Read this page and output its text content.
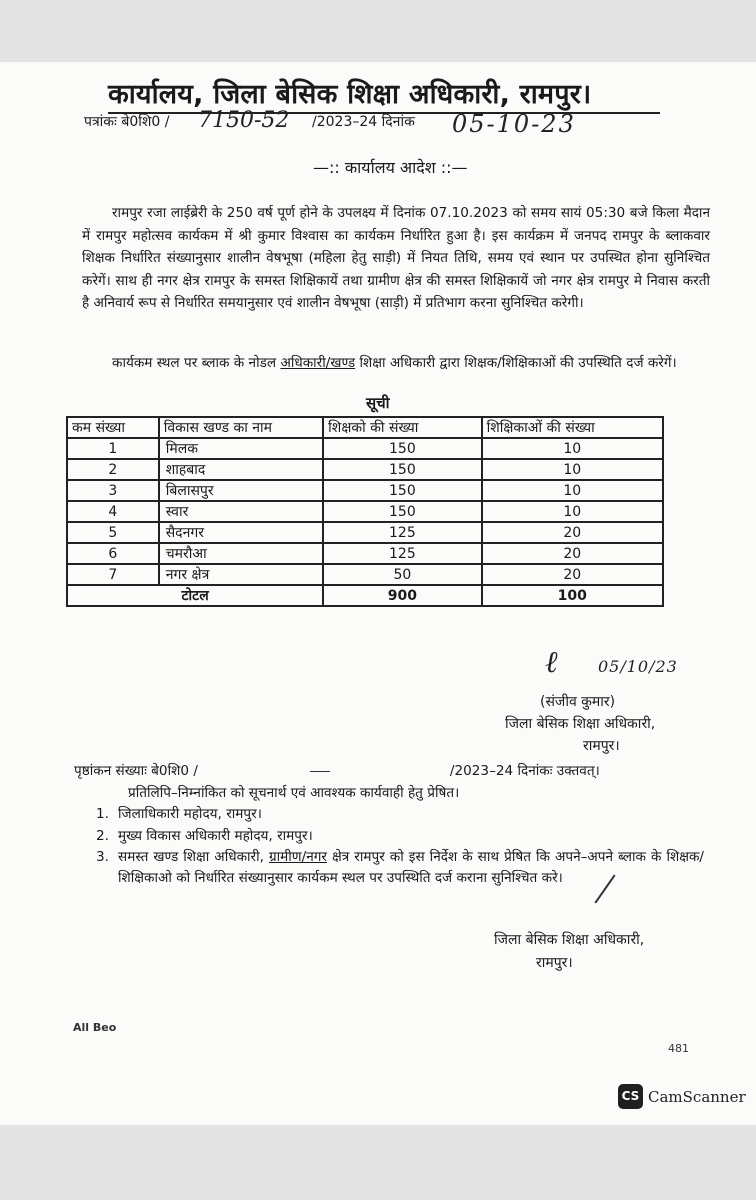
कार्यालय, जिला बेसिक शिक्षा अधिकारी, रामपुर।
पत्रांकः बे0शि0 / 7150-52 /2023–24 दिनांक 05-10-23
—:: कार्यालय आदेश ::—
रामपुर रजा लाईब्रेरी के 250 वर्ष पूर्ण होने के उपलक्ष्य में दिनांक 07.10.2023 को समय सायं 05:30 बजे किला मैदान में रामपुर महोत्सव कार्यकम में श्री कुमार विश्वास का कार्यकम निर्धारित हुआ है। इस कार्यक्रम में जनपद रामपुर के ब्लाकवार शिक्षक निर्धारित संख्यानुसार शालीन वेषभूषा (महिला हेतु साड़ी) में नियत तिथि, समय एवं स्थान पर उपस्थित होना सुनिश्चित करेगें। साथ ही नगर क्षेत्र रामपुर के समस्त शिक्षिकायें तथा ग्रामीण क्षेत्र की समस्त शिक्षिकायें जो नगर क्षेत्र रामपुर मे निवास करती है अनिवार्य रूप से निर्धारित समयानुसार एवं शालीन वेषभूषा (साड़ी) में प्रतिभाग करना सुनिश्चित करेगी।
कार्यकम स्थल पर ब्लाक के नोडल अधिकारी/खण्ड शिक्षा अधिकारी द्वारा शिक्षक/शिक्षिकाओं की उपस्थिति दर्ज करेगें।
सूची
कम संख्या	विकास खण्ड का नाम	शिक्षको की संख्या	शिक्षिकाओं की संख्या
1	मिलक	150	10
2	शाहबाद	150	10
3	बिलासपुर	150	10
4	स्वार	150	10
5	सैदनगर	125	20
6	चमरौआ	125	20
7	नगर क्षेत्र	50	20
टोटल		900	100
ℓ	05/10/23
(संजीव कुमार)
जिला बेसिक शिक्षा अधिकारी,
रामपुर।
पृष्ठांकन संख्याः बे0शि0 /	/2023–24 दिनांकः उक्तवत्।
प्रतिलिपि–निम्नांकित को सूचनार्थ एवं आवश्यक कार्यवाही हेतु प्रेषित।
1. जिलाधिकारी महोदय, रामपुर।
2. मुख्य विकास अधिकारी महोदय, रामपुर।
3. समस्त खण्ड शिक्षा अधिकारी, ग्रामीण/नगर क्षेत्र रामपुर को इस निर्देश के साथ प्रेषित कि अपने–अपने ब्लाक के शिक्षक/शिक्षिकाओ को निर्धारित संख्यानुसार कार्यकम स्थल पर उपस्थिति दर्ज कराना सुनिश्चित करे।
जिला बेसिक शिक्षा अधिकारी,
रामपुर।
All Beo
481
CS CamScanner
